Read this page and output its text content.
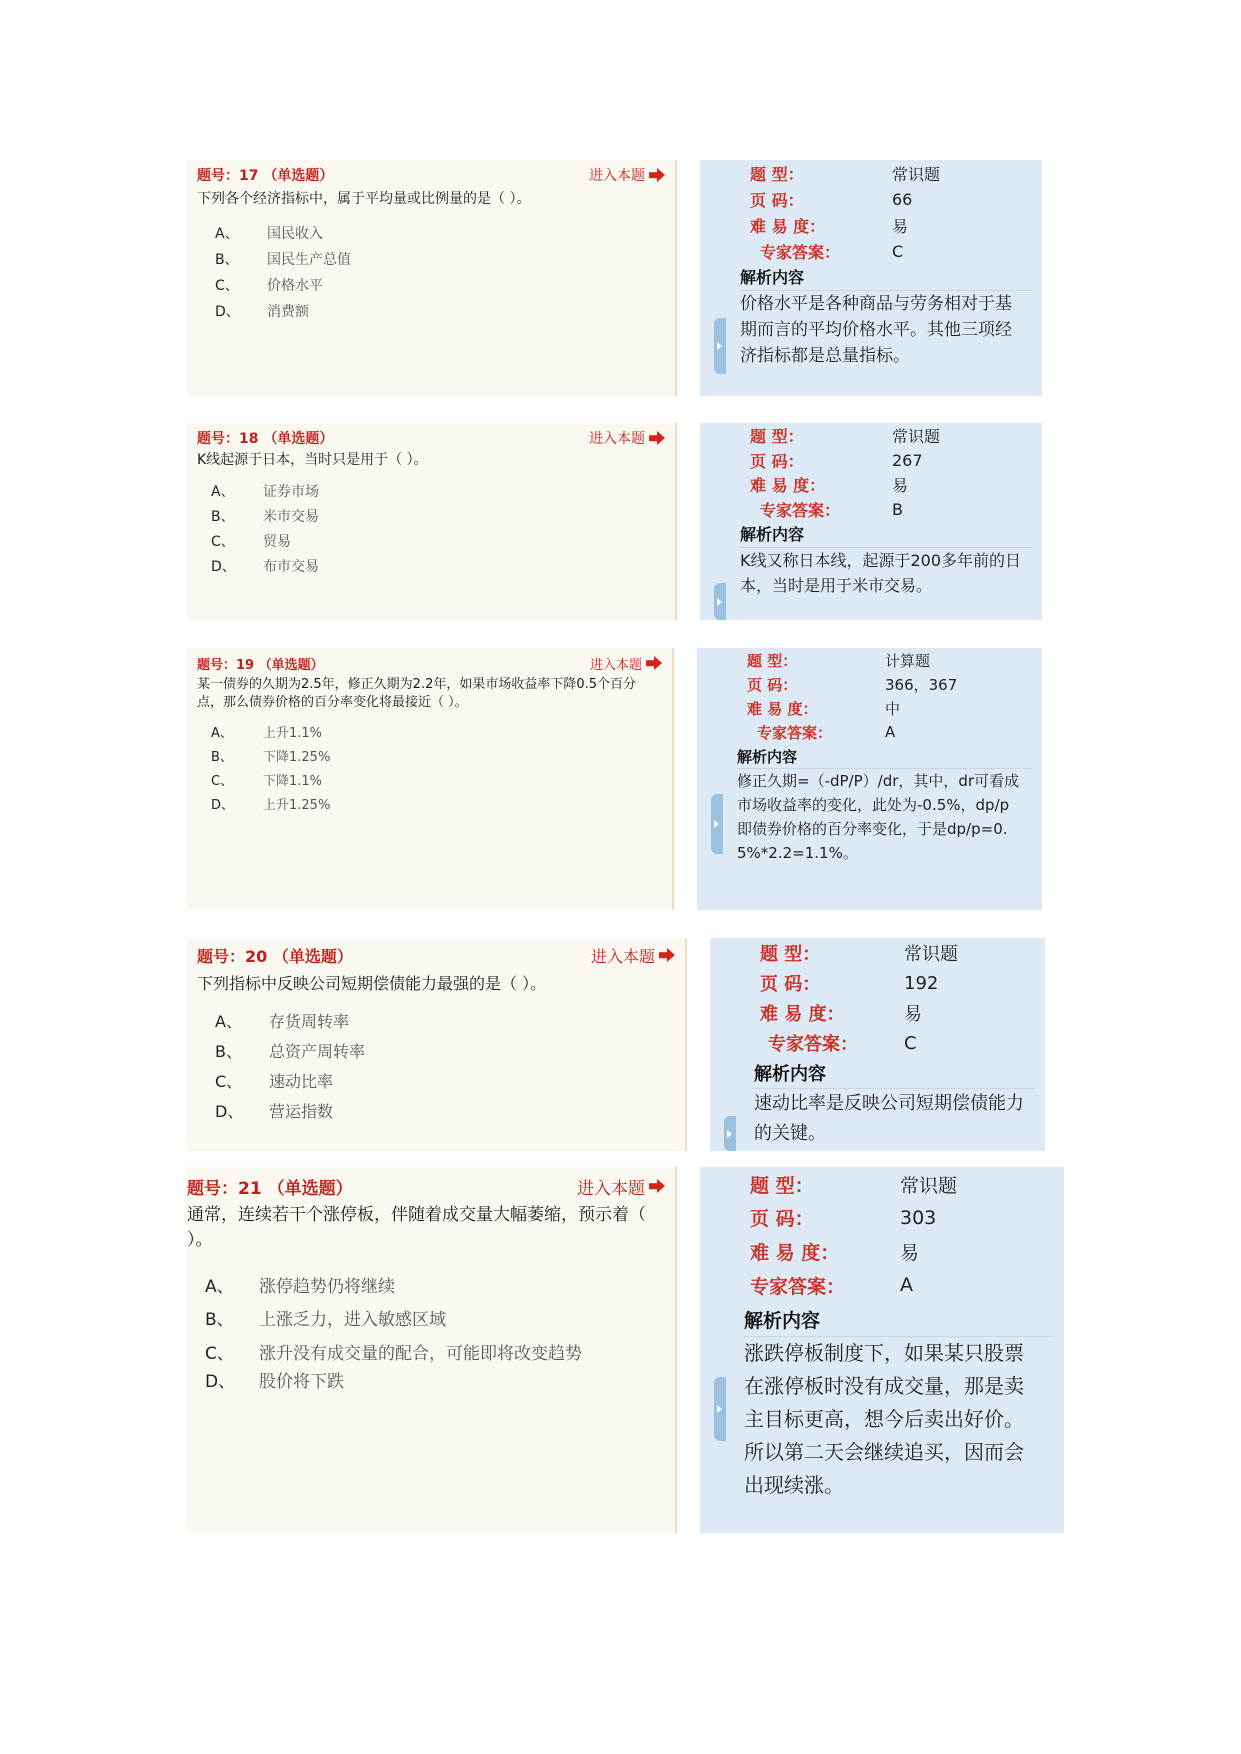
题号：17 （单选题）	进入本题
下列各个经济指标中，属于平均量或比例量的是（ ）。
A、	国民收入
B、	国民生产总值
C、	价格水平
D、	消费额
题 型：	常识题
页 码：	66
难 易 度：	易
专家答案：	C
解析内容
价格水平是各种商品与劳务相对于基期而言的平均价格水平。其他三项经济指标都是总量指标。
题号：18 （单选题）	进入本题
K线起源于日本，当时只是用于（ ）。
A、	证券市场
B、	米市交易
C、	贸易
D、	布市交易
题 型：	常识题
页 码：	267
难 易 度：	易
专家答案：	B
解析内容
K线又称日本线，起源于200多年前的日本，当时是用于米市交易。
题号：19 （单选题）	进入本题
某一债券的久期为2.5年，修正久期为2.2年，如果市场收益率下降0.5个百分点，那么债券价格的百分率变化将最接近（ ）。
A、	上升1.1%
B、	下降1.25%
C、	下降1.1%
D、	上升1.25%
题 型：	计算题
页 码：	366，367
难 易 度：	中
专家答案：	A
解析内容
修正久期=（-dP/P）/dr，其中，dr可看成市场收益率的变化，此处为-0.5%，dp/p即债券价格的百分率变化，于是dp/p=0.5%*2.2=1.1%。
题号：20 （单选题）	进入本题
下列指标中反映公司短期偿债能力最强的是（ ）。
A、	存货周转率
B、	总资产周转率
C、	速动比率
D、	营运指数
题 型：	常识题
页 码：	192
难 易 度：	易
专家答案：	C
解析内容
速动比率是反映公司短期偿债能力的关键。
题号：21 （单选题）	进入本题
通常，连续若干个涨停板，伴随着成交量大幅萎缩，预示着（ ）。
A、	涨停趋势仍将继续
B、	上涨乏力，进入敏感区域
C、	涨升没有成交量的配合，可能即将改变趋势
D、	股价将下跌
题 型：	常识题
页 码：	303
难 易 度：	易
专家答案：	A
解析内容
涨跌停板制度下，如果某只股票在涨停板时没有成交量，那是卖主目标更高，想今后卖出好价。所以第二天会继续追买，因而会出现续涨。
